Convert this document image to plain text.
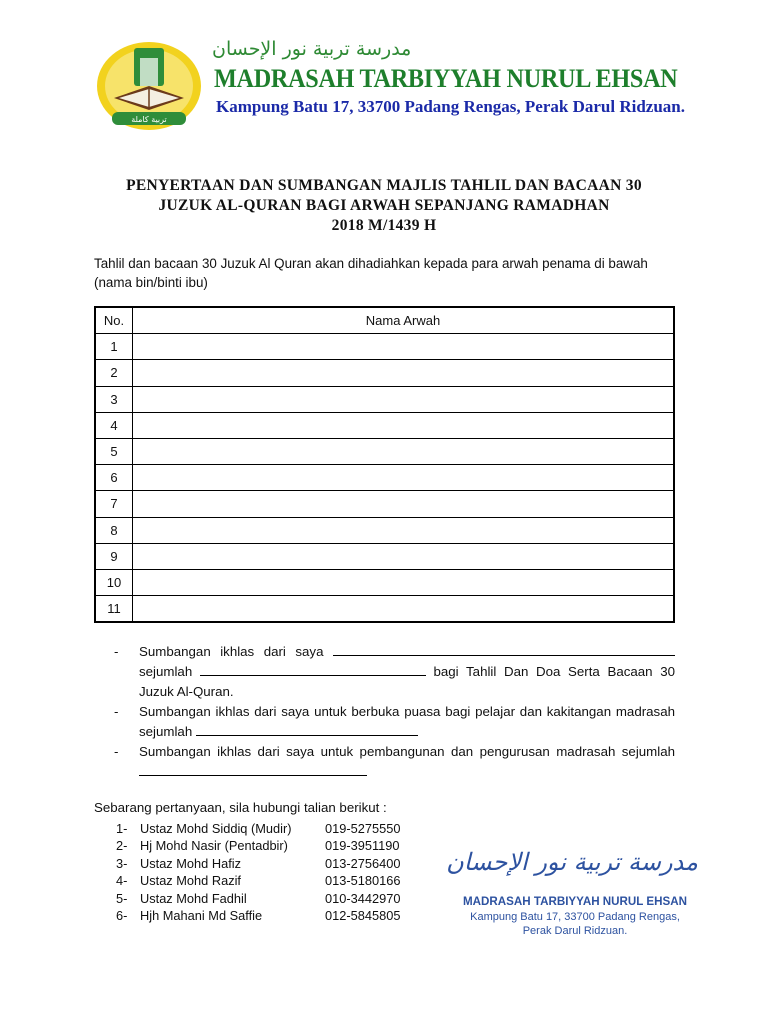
تربية كاملة
مدرسة تربية نور الإحسان
MADRASAH TARBIYYAH NURUL EHSAN
Kampung Batu 17, 33700 Padang Rengas, Perak Darul Ridzuan.
PENYERTAAN DAN SUMBANGAN MAJLIS TAHLIL DAN BACAAN 30
JUZUK AL-QURAN BAGI ARWAH SEPANJANG RAMADHAN
2018 M/1439 H
Tahlil dan bacaan 30 Juzuk Al Quran akan dihadiahkan kepada para arwah penama di bawah (nama bin/binti ibu)
No.	Nama Arwah
1	
2	
3	
4	
5	
6	
7	
8	
9	
10	
11	

- Sumbangan ikhlas dari saya  sejumlah	bagi Tahlil Dan Doa Serta Bacaan 30 Juzuk Al-Quran.

- Sumbangan ikhlas dari saya untuk berbuka puasa bagi pelajar dan kakitangan madrasah sejumlah

- Sumbangan ikhlas dari saya untuk pembangunan dan pengurusan madrasah sejumlah

Sebarang pertanyaan, sila hubungi talian berikut :
1- Ustaz Mohd Siddiq (Mudir)	019-5275550
2- Hj Mohd Nasir (Pentadbir)	019-3951190
3- Ustaz Mohd Hafiz	013-2756400
4- Ustaz Mohd Razif	013-5180166
5- Ustaz Mohd Fadhil	010-3442970
6- Hjh Mahani Md Saffie	012-5845805
مدرسة تربية نور الإحسان
MADRASAH TARBIYYAH NURUL EHSAN
Kampung Batu 17, 33700 Padang Rengas,
Perak Darul Ridzuan.
